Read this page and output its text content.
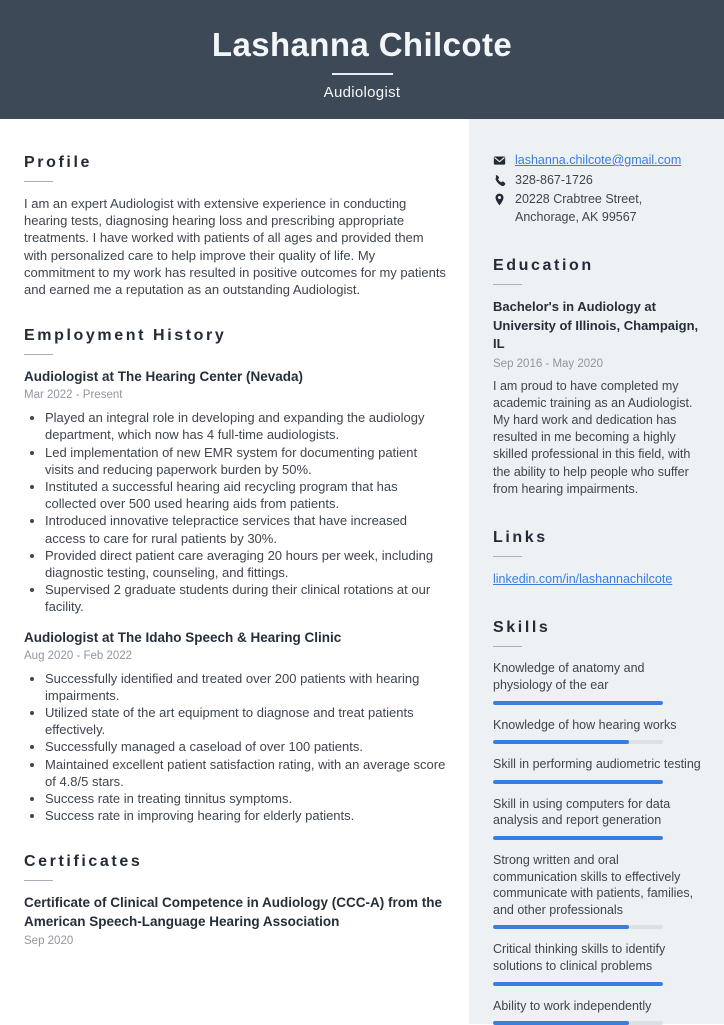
Lashanna Chilcote
Audiologist
Profile

I am an expert Audiologist with extensive experience in conducting hearing tests, diagnosing hearing loss and prescribing appropriate treatments. I have worked with patients of all ages and provided them with personalized care to help improve their quality of life. My commitment to my work has resulted in positive outcomes for my patients and earned me a reputation as an outstanding Audiologist.

Employment History
Audiologist at The Hearing Center (Nevada)

Mar 2022 - Present

• Played an integral role in developing and expanding the audiology department, which now has 4 full-time audiologists.
• Led implementation of new EMR system for documenting patient visits and reducing paperwork burden by 50%.
• Instituted a successful hearing aid recycling program that has collected over 500 used hearing aids from patients.
• Introduced innovative telepractice services that have increased access to care for rural patients by 30%.
• Provided direct patient care averaging 20 hours per week, including diagnostic testing, counseling, and fittings.
• Supervised 2 graduate students during their clinical rotations at our facility.
Audiologist at The Idaho Speech & Hearing Clinic

Aug 2020 - Feb 2022

• Successfully identified and treated over 200 patients with hearing impairments.
• Utilized state of the art equipment to diagnose and treat patients effectively.
• Successfully managed a caseload of over 100 patients.
• Maintained excellent patient satisfaction rating, with an average score of 4.8/5 stars.
• Success rate in treating tinnitus symptoms.
• Success rate in improving hearing for elderly patients.
Certificates
Certificate of Clinical Competence in Audiology (CCC-A) from the American Speech-Language Hearing Association

Sep 2020

lashanna.chilcote@gmail.com
328-867-1726
20228 Crabtree Street, Anchorage, AK 99567
Education
Bachelor's in Audiology at University of Illinois, Champaign, IL

Sep 2016 - May 2020

I am proud to have completed my academic training as an Audiologist. My hard work and dedication has resulted in me becoming a highly skilled professional in this field, with the ability to help people who suffer from hearing impairments.

Links
linkedin.com/in/lashannachilcote
Skills

Knowledge of anatomy and physiology of the ear

Knowledge of how hearing works

Skill in performing audiometric testing

Skill in using computers for data analysis and report generation

Strong written and oral communication skills to effectively communicate with patients, families, and other professionals

Critical thinking skills to identify solutions to clinical problems

Ability to work independently
